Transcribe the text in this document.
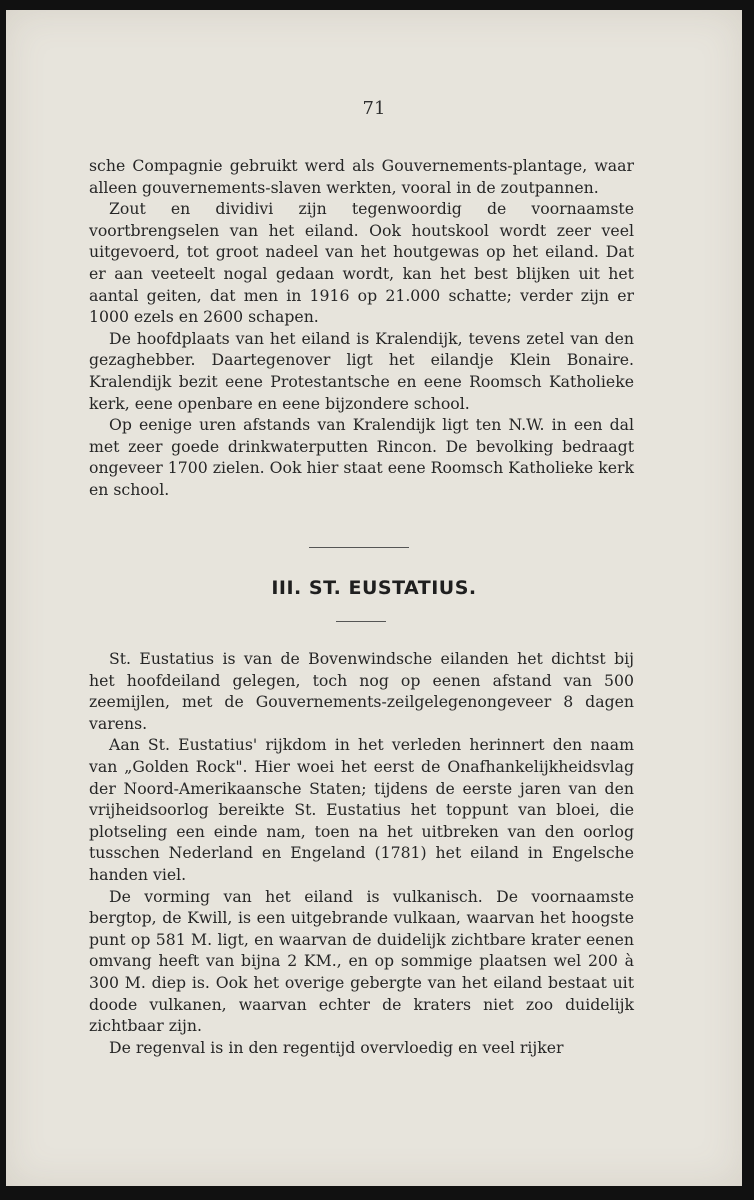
71

sche Compagnie gebruikt werd als Gouvernements-plantage, waar alleen gouvernements-slaven werkten, vooral in de zoutpannen.

Zout en dividivi zijn tegenwoordig de voornaamste voortbrengselen van het eiland. Ook houtskool wordt zeer veel uitgevoerd, tot groot nadeel van het houtgewas op het eiland. Dat er aan veeteelt nogal gedaan wordt, kan het best blijken uit het aantal geiten, dat men in 1916 op 21.000 schatte; verder zijn er 1000 ezels en 2600 schapen.

De hoofdplaats van het eiland is Kralendijk, tevens zetel van den gezaghebber. Daartegenover ligt het eilandje Klein Bonaire. Kralendijk bezit eene Protestantsche en eene Roomsch Katholieke kerk, eene openbare en eene bijzondere school.

Op eenige uren afstands van Kralendijk ligt ten N.W. in een dal met zeer goede drinkwaterputten Rincon. De bevolking bedraagt ongeveer 1700 zielen. Ook hier staat eene Roomsch Katholieke kerk en school.

III. ST. EUSTATIUS.

St. Eustatius is van de Bovenwindsche eilanden het dichtst bij het hoofdeiland gelegen, toch nog op eenen afstand van 500 zeemijlen, met de Gouvernements-zeilgelegenongeveer 8 dagen varens.

Aan St. Eustatius' rijkdom in het verleden herinnert den naam van „Golden Rock". Hier woei het eerst de Onafhankelijkheidsvlag der Noord-Amerikaansche Staten; tijdens de eerste jaren van den vrijheidsoorlog bereikte St. Eustatius het toppunt van bloei, die plotseling een einde nam, toen na het uitbreken van den oorlog tusschen Nederland en Engeland (1781) het eiland in Engelsche handen viel.

De vorming van het eiland is vulkanisch. De voornaamste bergtop, de Kwill, is een uitgebrande vulkaan, waarvan het hoogste punt op 581 M. ligt, en waarvan de duidelijk zichtbare krater eenen omvang heeft van bijna 2 KM., en op sommige plaatsen wel 200 à 300 M. diep is. Ook het overige gebergte van het eiland bestaat uit doode vulkanen, waarvan echter de kraters niet zoo duidelijk zichtbaar zijn.

De regenval is in den regentijd overvloedig en veel rijker
